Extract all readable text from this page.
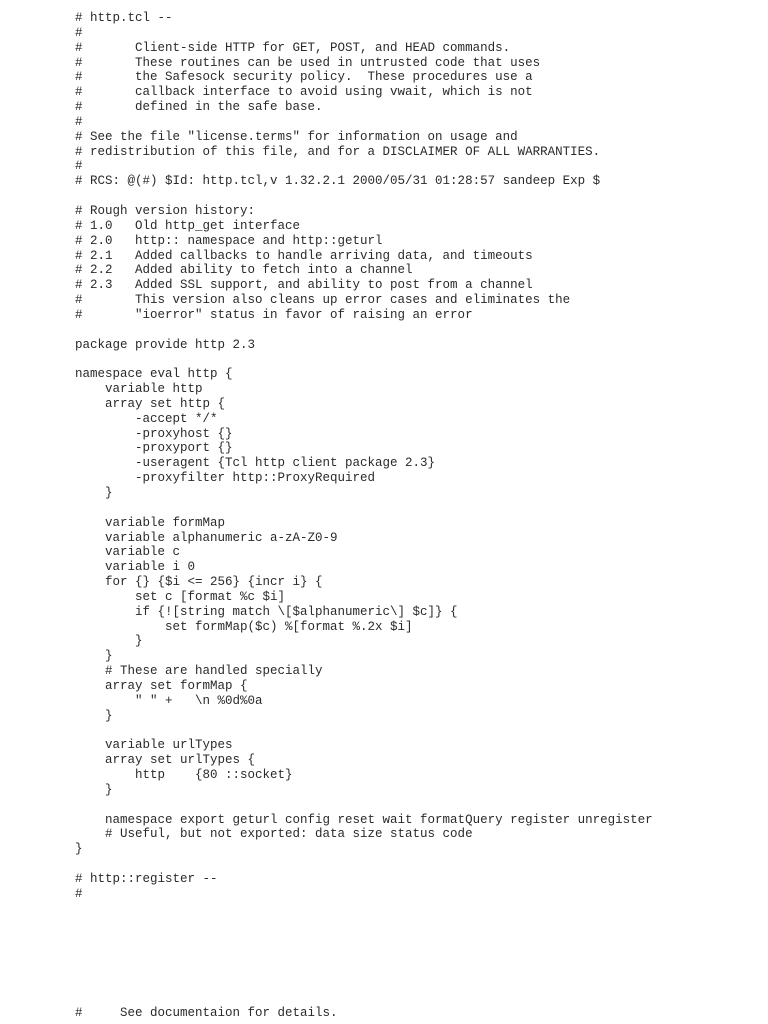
# http.tcl --
#
#       Client-side HTTP for GET, POST, and HEAD commands.
#       These routines can be used in untrusted code that uses
#       the Safesock security policy.  These procedures use a
#       callback interface to avoid using vwait, which is not
#       defined in the safe base.
#
# See the file "license.terms" for information on usage and
# redistribution of this file, and for a DISCLAIMER OF ALL WARRANTIES.
#
# RCS: @(#) $Id: http.tcl,v 1.32.2.1 2000/05/31 01:28:57 sandeep Exp $

# Rough version history:
# 1.0   Old http_get interface
# 2.0   http:: namespace and http::geturl
# 2.1   Added callbacks to handle arriving data, and timeouts
# 2.2   Added ability to fetch into a channel
# 2.3   Added SSL support, and ability to post from a channel
#       This version also cleans up error cases and eliminates the
#       "ioerror" status in favor of raising an error

package provide http 2.3

namespace eval http {
variable http
array set http {
-accept */*
-proxyhost {}
-proxyport {}
-useragent {Tcl http client package 2.3}
-proxyfilter http::ProxyRequired
}

variable formMap
variable alphanumeric a-zA-Z0-9
variable c
variable i 0
for {} {$i <= 256} {incr i} {
set c [format %c $i]
if {![string match \[$alphanumeric\] $c]} {
set formMap($c) %[format %.2x $i]
}
}
# These are handled specially
array set formMap {
" " +   \n %0d%0a
}

variable urlTypes
array set urlTypes {
http    {80 ::socket}
}

namespace export geturl config reset wait formatQuery register unregister
# Useful, but not exported: data size status code
}

# http::register --
#

#     See documentaion for details.
